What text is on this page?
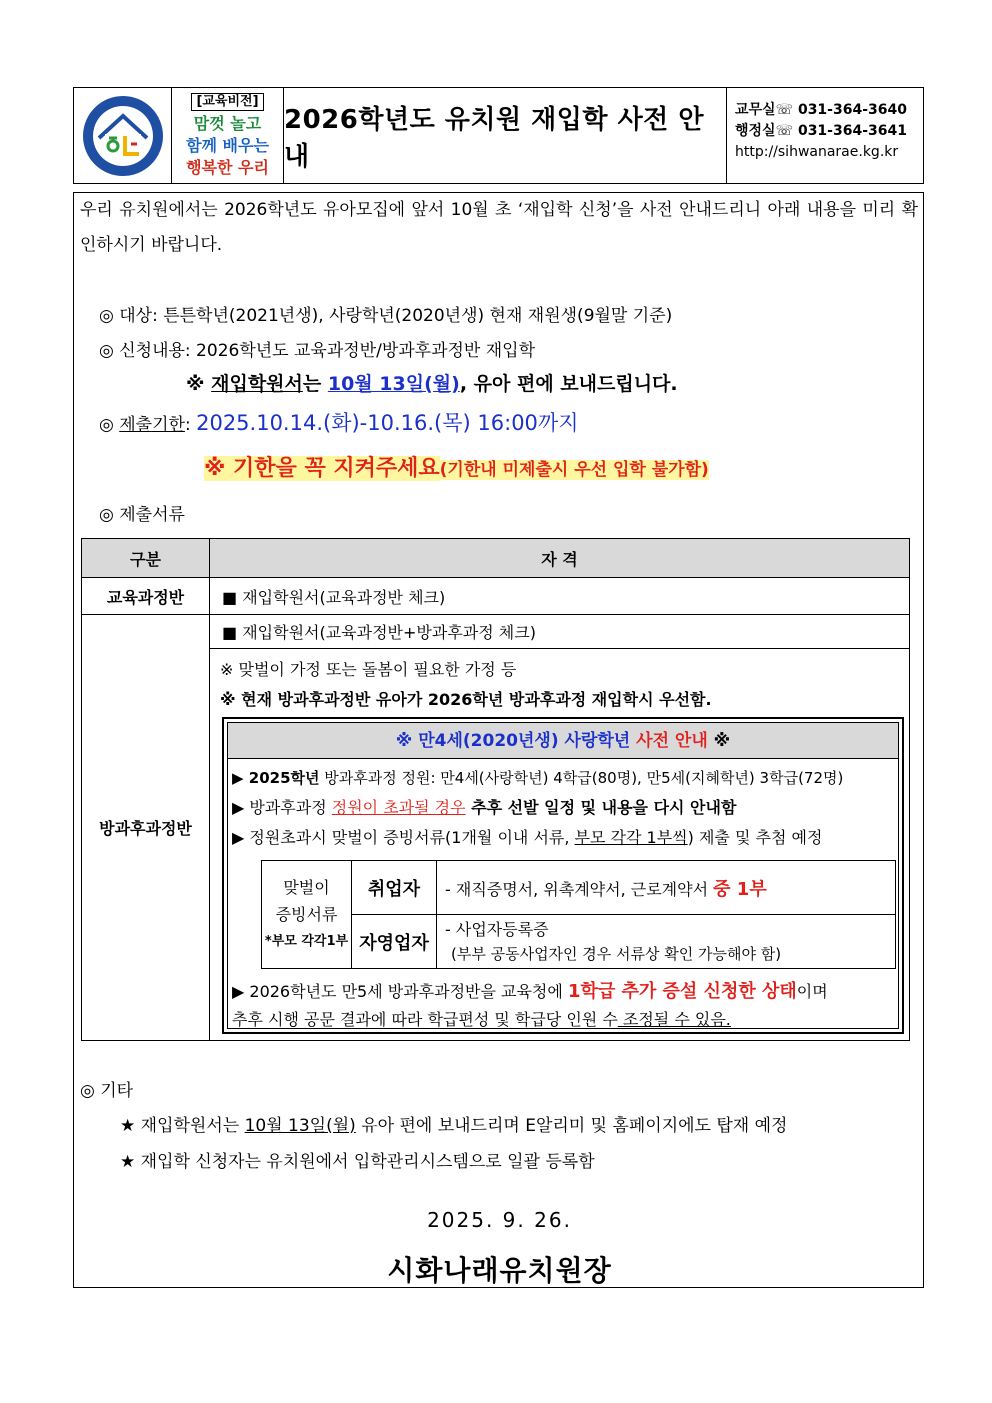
[교육비전]
맘껏 놀고
함께 배우는
행복한 우리
2026학년도 유치원 재입학 사전 안내
교무실☏ 031-364-3640
행정실☏ 031-364-3641
http://sihwanarae.kg.kr
우리 유치원에서는 2026학년도 유아모집에 앞서 10월 초 ‘재입학 신청’을 사전 안내드리니 아래 내용을 미리 확인하시기 바랍니다.
◎ 대상: 튼튼학년(2021년생), 사랑학년(2020년생) 현재 재원생(9월말 기준)
◎ 신청내용: 2026학년도 교육과정반/방과후과정반 재입학
※ 재입학원서는 10월 13일(월), 유아 편에 보내드립니다.
◎ 제출기한: 2025.10.14.(화)-10.16.(목) 16:00까지
※ 기한을 꼭 지켜주세요(기한내 미제출시 우선 입학 불가함)
◎ 제출서류
구분	자 격
교육과정반	■ 재입학원서(교육과정반 체크)
방과후과정반	■ 재입학원서(교육과정반+방과후과정 체크)

※ 맞벌이 가정 또는 돌봄이 필요한 가정 등
※ 현재 방과후과정반 유아가 2026학년 방과후과정 재입학시 우선함.
※ 만4세(2020년생) 사랑학년 사전 안내 ※
▶ 2025학년 방과후과정 정원: 만4세(사랑학년) 4학급(80명), 만5세(지혜학년) 3학급(72명)
▶ 방과후과정 정원이 초과될 경우 추후 선발 일정 및 내용을 다시 안내함
▶ 정원초과시 맞벌이 증빙서류(1개월 이내 서류, 부모 각각 1부씩) 제출 및 추첨 예정
맞벌이
증빙서류
*부모 각각1부	취업자	- 재직증명서, 위촉계약서, 근로계약서 중 1부
	자영업자	- 사업자등록증
(부부 공동사업자인 경우 서류상 확인 가능해야 함)
▶ 2026학년도 만5세 방과후과정반을 교육청에 1학급 추가 증설 신청한 상태이며
추후 시행 공문 결과에 따라 학급편성 및 학급당 인원 수 조정될 수 있음.
◎ 기타
★ 재입학원서는 10월 13일(월) 유아 편에 보내드리며 E알리미 및 홈페이지에도 탑재 예정
★ 재입학 신청자는 유치원에서 입학관리시스템으로 일괄 등록함
2025. 9. 26.
시화나래유치원장
